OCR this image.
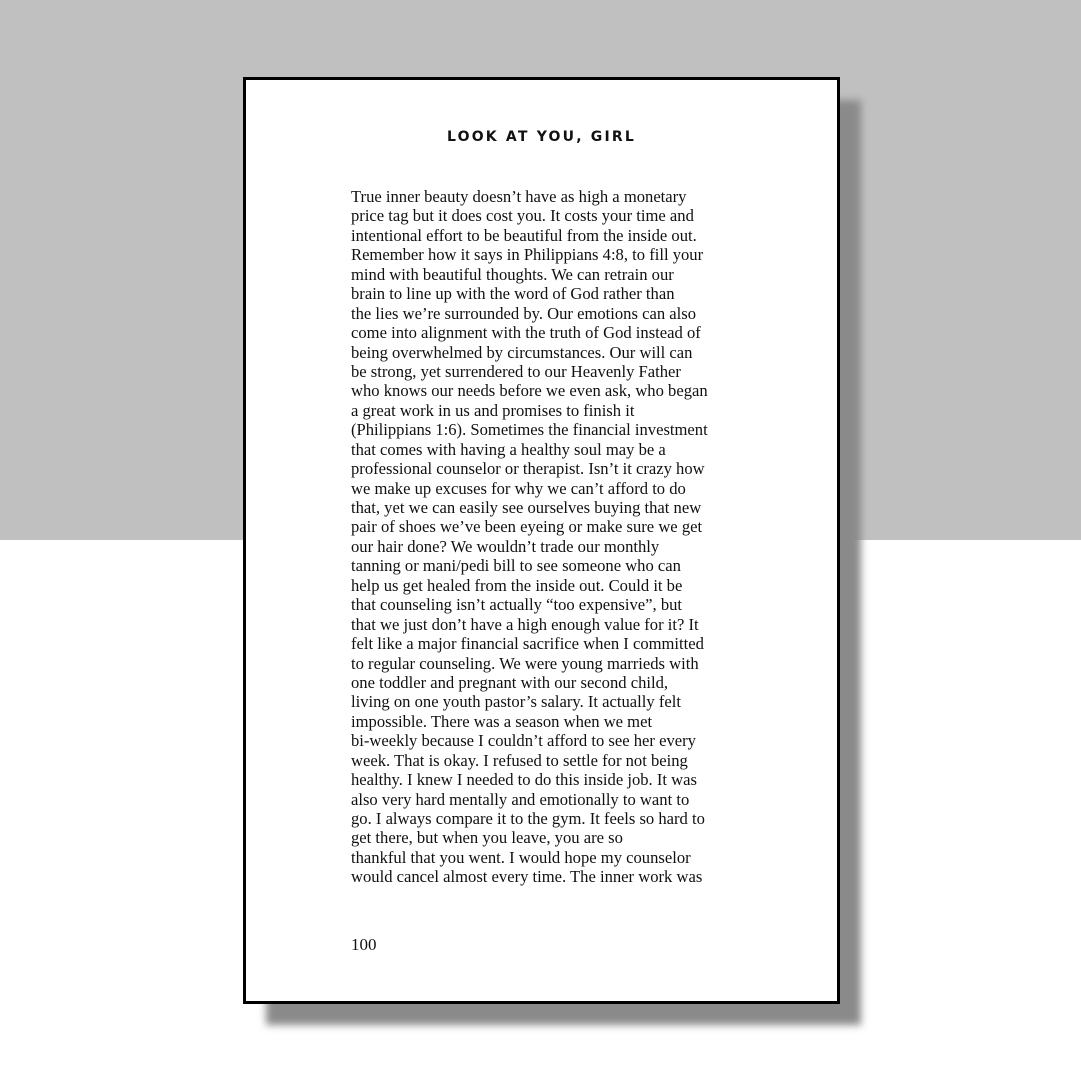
LOOK AT YOU, GIRL
True inner beauty doesn’t have as high a monetary
price tag but it does cost you. It costs your time and
intentional effort to be beautiful from the inside out.
Remember how it says in Philippians 4:8, to fill your
mind with beautiful thoughts. We can retrain our
brain to line up with the word of God rather than
the lies we’re surrounded by. Our emotions can also
come into alignment with the truth of God instead of
being overwhelmed by circumstances. Our will can
be strong, yet surrendered to our Heavenly Father
who knows our needs before we even ask, who began
a great work in us and promises to finish it
(Philippians 1:6). Sometimes the financial investment
that comes with having a healthy soul may be a
professional counselor or therapist. Isn’t it crazy how
we make up excuses for why we can’t afford to do
that, yet we can easily see ourselves buying that new
pair of shoes we’ve been eyeing or make sure we get
our hair done? We wouldn’t trade our monthly
tanning or mani/pedi bill to see someone who can
help us get healed from the inside out. Could it be
that counseling isn’t actually “too expensive”, but
that we just don’t have a high enough value for it? It
felt like a major financial sacrifice when I committed
to regular counseling. We were young marrieds with
one toddler and pregnant with our second child,
living on one youth pastor’s salary. It actually felt
impossible. There was a season when we met
bi-weekly because I couldn’t afford to see her every
week. That is okay. I refused to settle for not being
healthy. I knew I needed to do this inside job. It was
also very hard mentally and emotionally to want to
go. I always compare it to the gym. It feels so hard to
get there, but when you leave, you are so
thankful that you went. I would hope my counselor
would cancel almost every time. The inner work was
100
